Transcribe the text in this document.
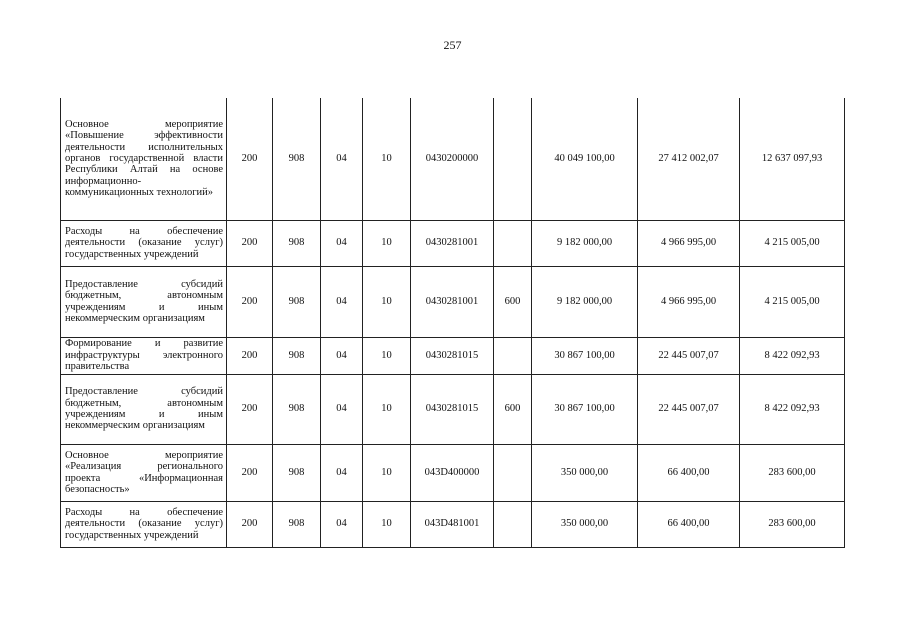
257
Основное мероприятие «Повышение эффективности деятельности исполнительных органов государственной власти Республики Алтай на основе информационно-коммуникационных технологий»	200	908	04	10	0430200000		40 049 100,00	27 412 002,07	12 637 097,93
Расходы на обеспечение деятельности (оказание услуг) государственных учреждений	200	908	04	10	0430281001		9 182 000,00	4 966 995,00	4 215 005,00
Предоставление субсидий бюджетным, автономным учреждениям и иным некоммерческим организациям	200	908	04	10	0430281001	600	9 182 000,00	4 966 995,00	4 215 005,00
Формирование и развитие инфраструктуры электронного правительства	200	908	04	10	0430281015		30 867 100,00	22 445 007,07	8 422 092,93
Предоставление субсидий бюджетным, автономным учреждениям и иным некоммерческим организациям	200	908	04	10	0430281015	600	30 867 100,00	22 445 007,07	8 422 092,93
Основное мероприятие «Реализация регионального проекта «Информационная безопасность»	200	908	04	10	043D400000		350 000,00	66 400,00	283 600,00
Расходы на обеспечение деятельности (оказание услуг) государственных учреждений	200	908	04	10	043D481001		350 000,00	66 400,00	283 600,00
